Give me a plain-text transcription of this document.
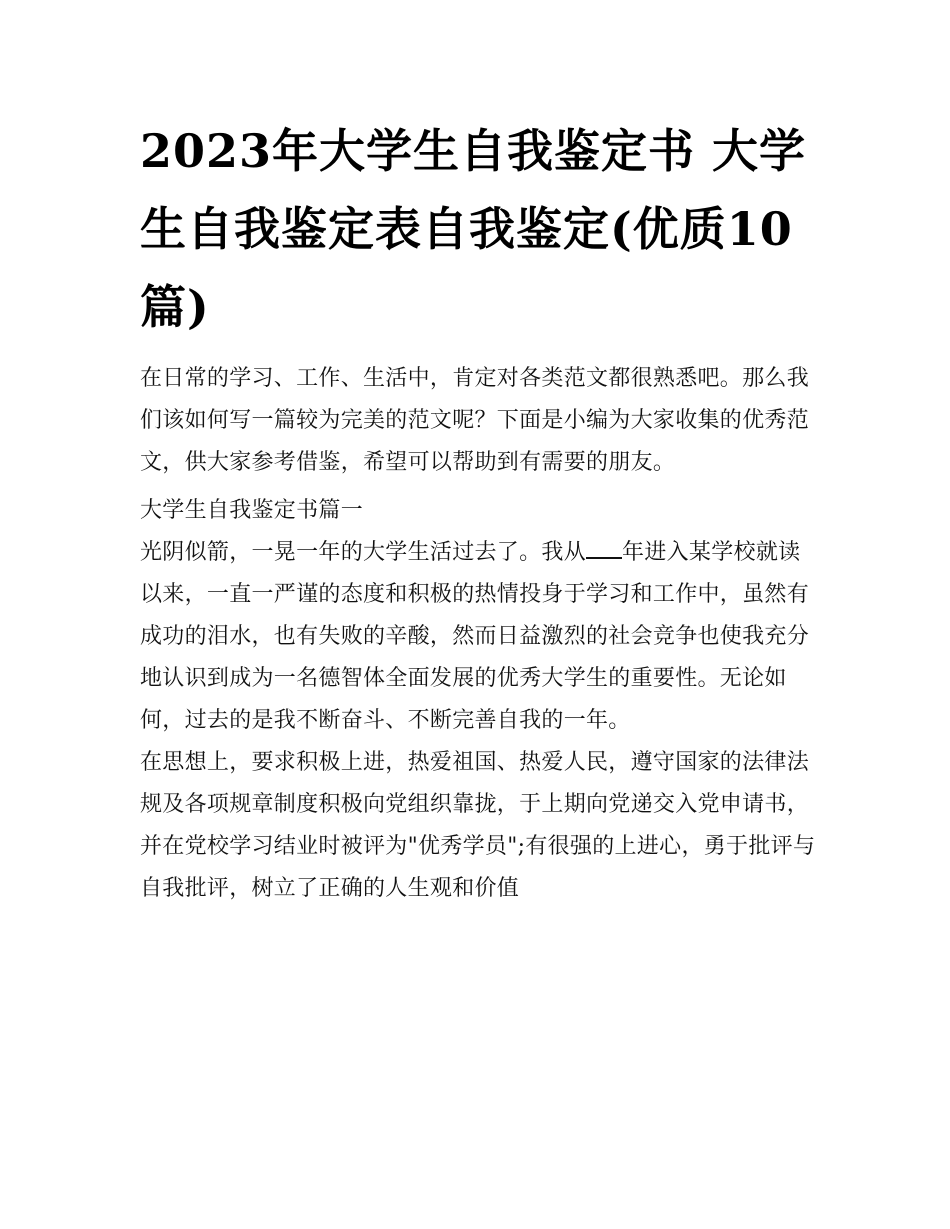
2023年大学生自我鉴定书 大学生自我鉴定表自我鉴定(优质10篇)

在日常的学习、工作、生活中，肯定对各类范文都很熟悉吧。那么我们该如何写一篇较为完美的范文呢？下面是小编为大家收集的优秀范文，供大家参考借鉴，希望可以帮助到有需要的朋友。

大学生自我鉴定书篇一

光阴似箭，一晃一年的大学生活过去了。我从 年进入某学校就读以来，一直一严谨的态度和积极的热情投身于学习和工作中，虽然有成功的泪水，也有失败的辛酸，然而日益激烈的社会竞争也使我充分地认识到成为一名德智体全面发展的优秀大学生的重要性。无论如何，过去的是我不断奋斗、不断完善自我的一年。

在思想上，要求积极上进，热爱祖国、热爱人民，遵守国家的法律法规及各项规章制度积极向党组织靠拢，于上期向党递交入党申请书，并在党校学习结业时被评为"优秀学员";有很强的上进心，勇于批评与自我批评，树立了正确的人生观和价值
